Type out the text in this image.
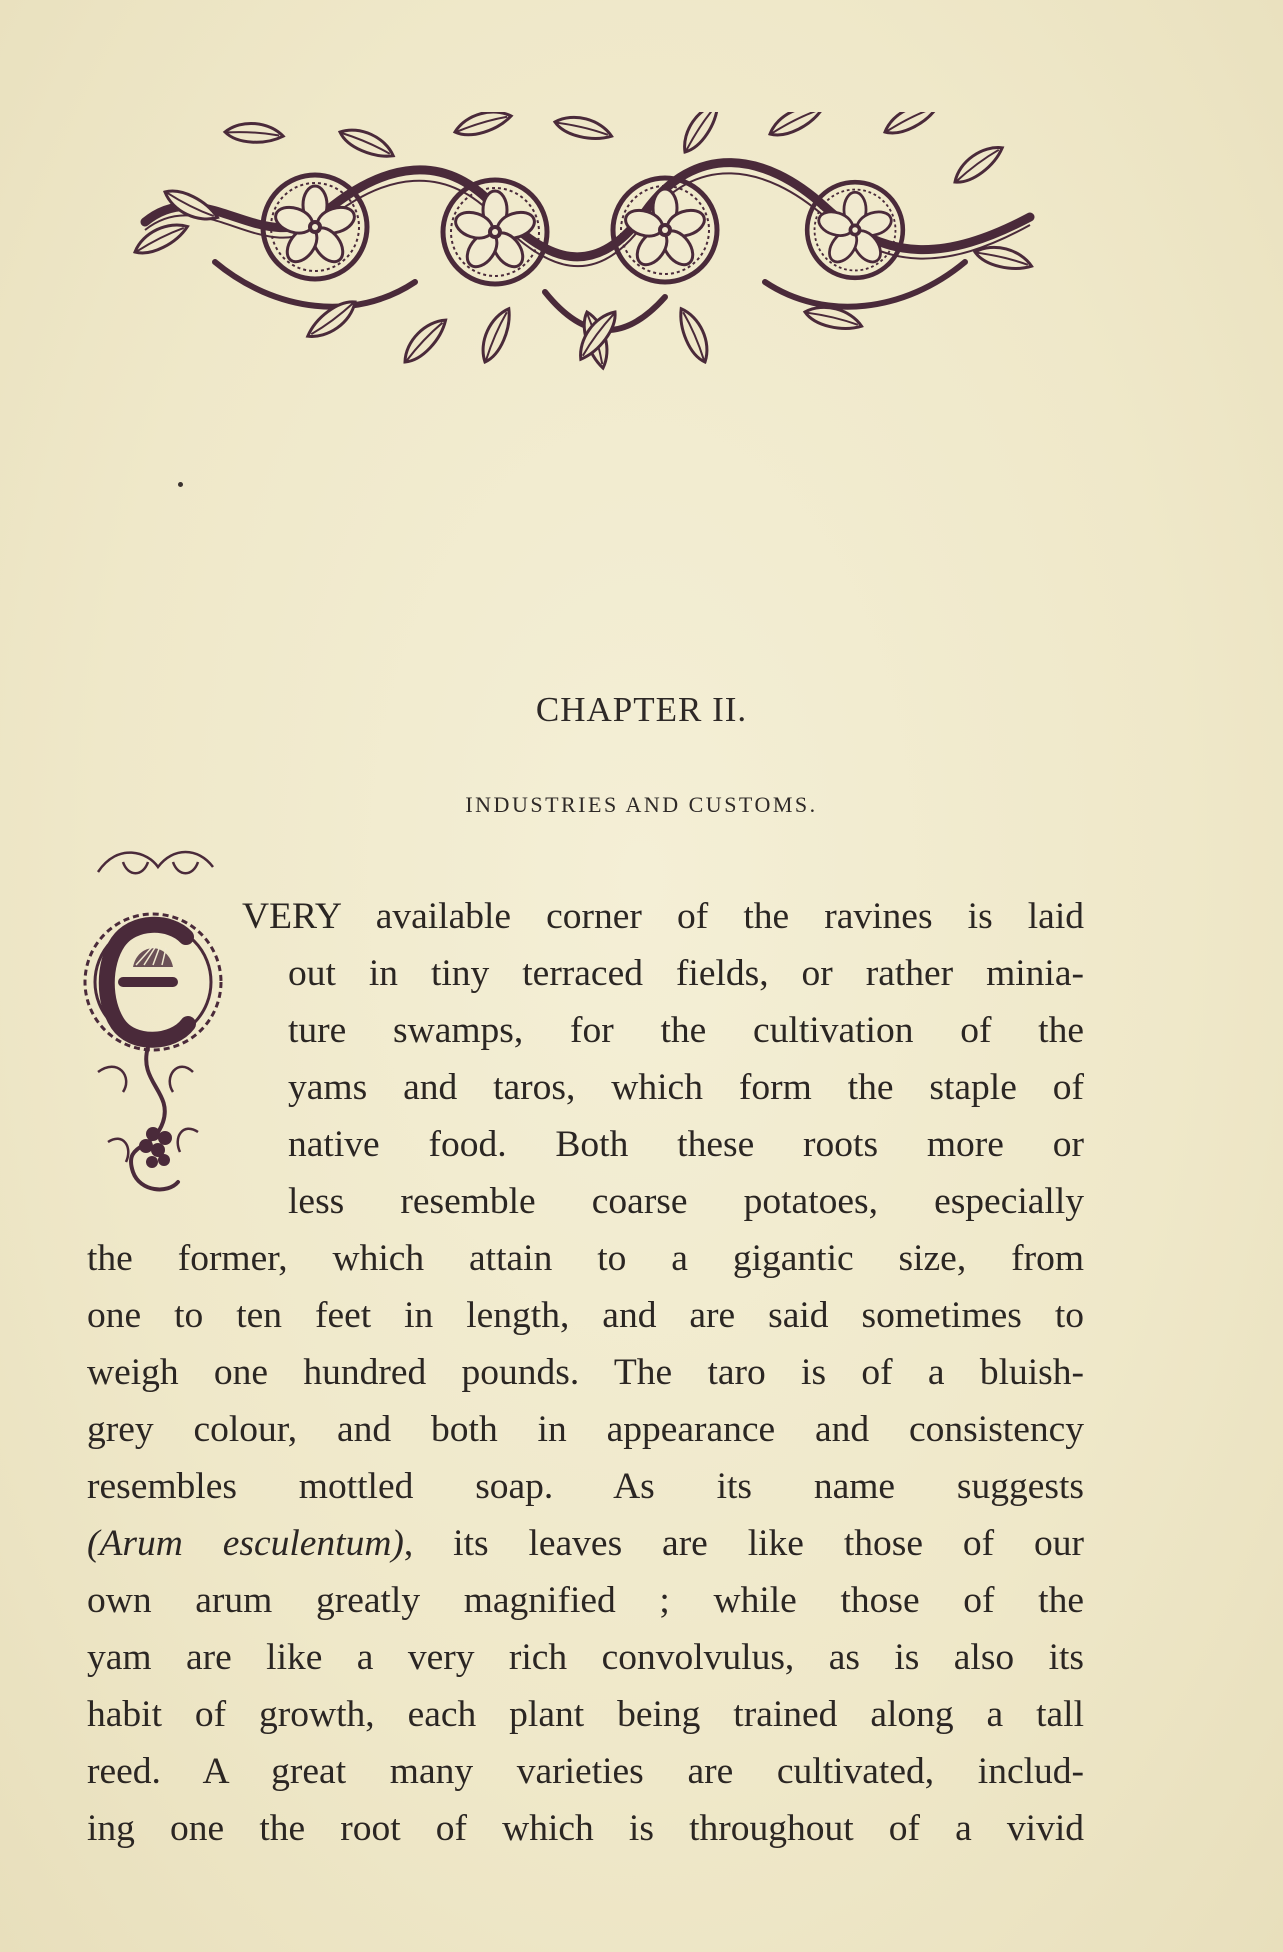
CHAPTER II.
INDUSTRIES AND CUSTOMS.
VERY available corner of the ravines is laid
out in tiny terraced fields, or rather minia-
ture swamps, for the cultivation of the
yams and taros, which form the staple of
native food. Both these roots more or
less resemble coarse potatoes, especially
the former, which attain to a gigantic size, from
one to ten feet in length, and are said sometimes to
weigh one hundred pounds. The taro is of a bluish-
grey colour, and both in appearance and consistency
resembles mottled soap. As its name suggests
(Arum esculentum), its leaves are like those of our
own arum greatly magnified ; while those of the
yam are like a very rich convolvulus, as is also its
habit of growth, each plant being trained along a tall
reed. A great many varieties are cultivated, includ-
ing one the root of which is throughout of a vivid
